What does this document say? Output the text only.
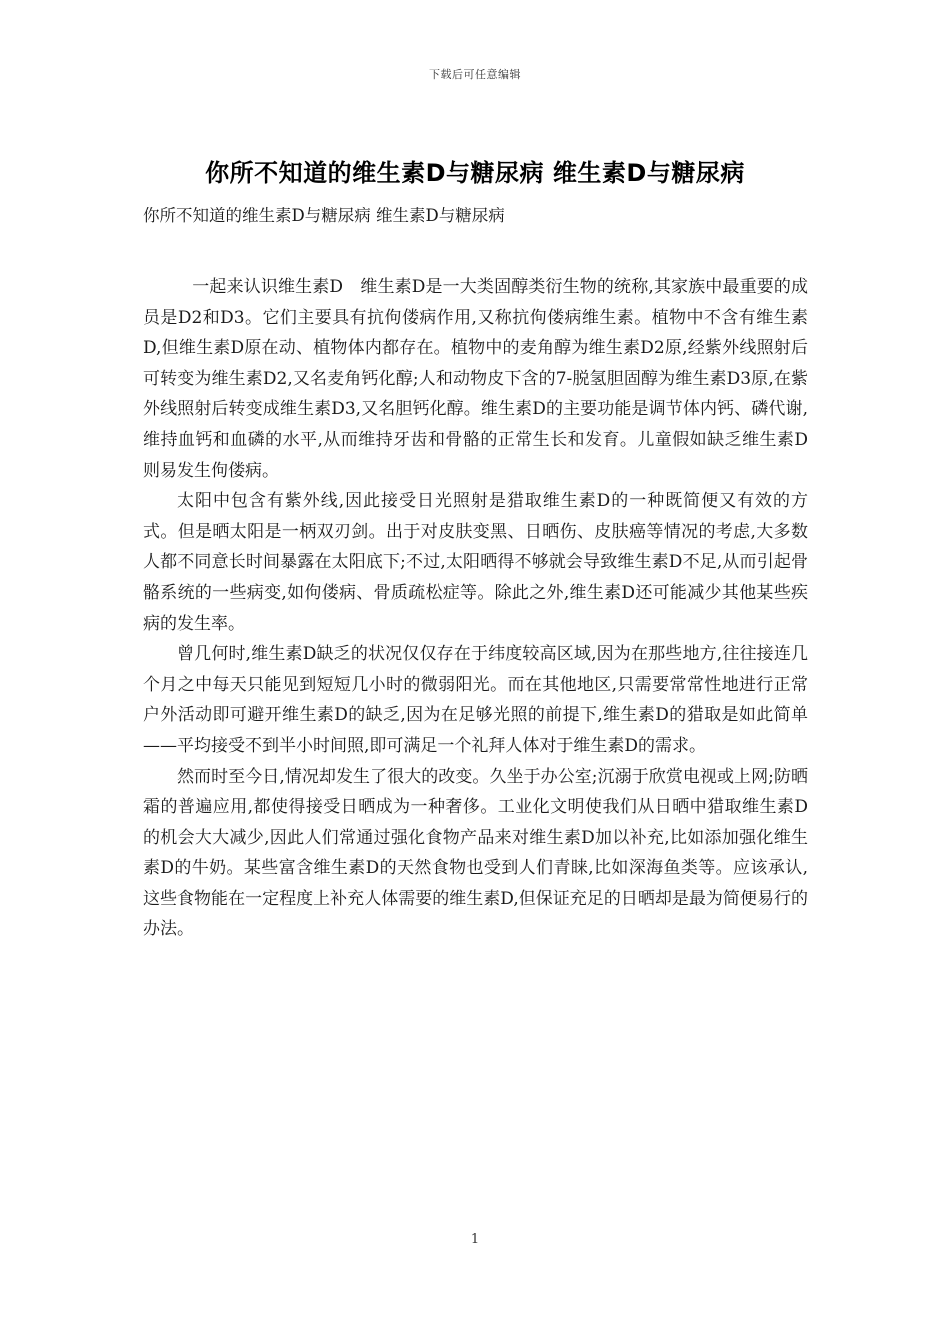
下载后可任意编辑
你所不知道的维生素D与糖尿病 维生素D与糖尿病
你所不知道的维生素D与糖尿病 维生素D与糖尿病

一起来认识维生素D　维生素D是一大类固醇类衍生物的统称,其家族中最重要的成员是D2和D3。它们主要具有抗佝偻病作用,又称抗佝偻病维生素。植物中不含有维生素D,但维生素D原在动、植物体内都存在。植物中的麦角醇为维生素D2原,经紫外线照射后可转变为维生素D2,又名麦角钙化醇;人和动物皮下含的7-脱氢胆固醇为维生素D3原,在紫外线照射后转变成维生素D3,又名胆钙化醇。维生素D的主要功能是调节体内钙、磷代谢,维持血钙和血磷的水平,从而维持牙齿和骨骼的正常生长和发育。儿童假如缺乏维生素D则易发生佝偻病。

太阳中包含有紫外线,因此接受日光照射是猎取维生素D的一种既简便又有效的方式。但是晒太阳是一柄双刃剑。出于对皮肤变黑、日晒伤、皮肤癌等情况的考虑,大多数人都不同意长时间暴露在太阳底下;不过,太阳晒得不够就会导致维生素D不足,从而引起骨骼系统的一些病变,如佝偻病、骨质疏松症等。除此之外,维生素D还可能减少其他某些疾病的发生率。

曾几何时,维生素D缺乏的状况仅仅存在于纬度较高区域,因为在那些地方,往往接连几个月之中每天只能见到短短几小时的微弱阳光。而在其他地区,只需要常常性地进行正常户外活动即可避开维生素D的缺乏,因为在足够光照的前提下,维生素D的猎取是如此简单——平均接受不到半小时间照,即可满足一个礼拜人体对于维生素D的需求。

然而时至今日,情况却发生了很大的改变。久坐于办公室;沉溺于欣赏电视或上网;防晒霜的普遍应用,都使得接受日晒成为一种奢侈。工业化文明使我们从日晒中猎取维生素D的机会大大减少,因此人们常通过强化食物产品来对维生素D加以补充,比如添加强化维生素D的牛奶。某些富含维生素D的天然食物也受到人们青睐,比如深海鱼类等。应该承认,这些食物能在一定程度上补充人体需要的维生素D,但保证充足的日晒却是最为简便易行的办法。

1
